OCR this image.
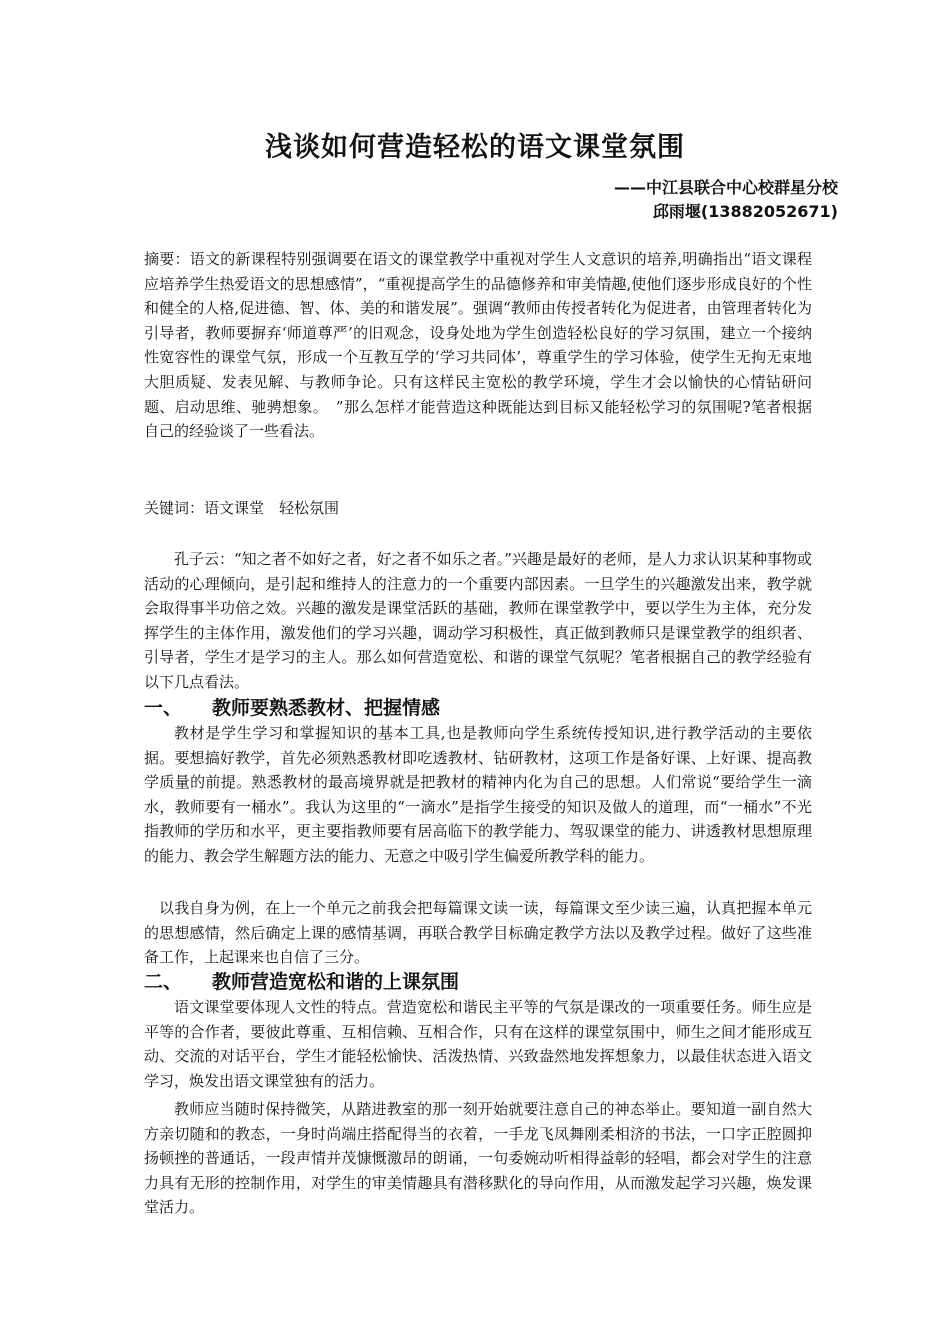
浅谈如何营造轻松的语文课堂氛围
——中江县联合中心校群星分校
邱雨堰(13882052671)
摘要：语文的新课程特别强调要在语文的课堂教学中重视对学生人文意识的培养,明确指出“语文课程应培养学生热爱语文的思想感情”，“重视提高学生的品德修养和审美情趣,使他们逐步形成良好的个性和健全的人格,促进德、智、体、美的和谐发展”。强调“教师由传授者转化为促进者，由管理者转化为引导者，教师要摒弃‘师道尊严’的旧观念，设身处地为学生创造轻松良好的学习氛围，建立一个接纳性宽容性的课堂气氛，形成一个互教互学的‘学习共同体’，尊重学生的学习体验，使学生无拘无束地大胆质疑、发表见解、与教师争论。只有这样民主宽松的教学环境，学生才会以愉快的心情钻研问题、启动思维、驰骋想象。　”那么怎样才能营造这种既能达到目标又能轻松学习的氛围呢?笔者根据自己的经验谈了一些看法。
关键词：语文课堂　轻松氛围
孔子云：“知之者不如好之者，好之者不如乐之者。”兴趣是最好的老师，是人力求认识某种事物或活动的心理倾向，是引起和维持人的注意力的一个重要内部因素。一旦学生的兴趣激发出来，教学就会取得事半功倍之效。兴趣的激发是课堂活跃的基础，教师在课堂教学中，要以学生为主体，充分发挥学生的主体作用，激发他们的学习兴趣，调动学习积极性，真正做到教师只是课堂教学的组织者、引导者，学生才是学习的主人。那么如何营造宽松、和谐的课堂气氛呢？笔者根据自己的教学经验有以下几点看法。
一、 教师要熟悉教材、把握情感
教材是学生学习和掌握知识的基本工具,也是教师向学生系统传授知识,进行教学活动的主要依据。要想搞好教学，首先必须熟悉教材即吃透教材、钻研教材，这项工作是备好课、上好课、提高教学质量的前提。熟悉教材的最高境界就是把教材的精神内化为自己的思想。人们常说“要给学生一滴水，教师要有一桶水”。我认为这里的“一滴水”是指学生接受的知识及做人的道理，而“一桶水”不光指教师的学历和水平，更主要指教师要有居高临下的教学能力、驾驭课堂的能力、讲透教材思想原理的能力、教会学生解题方法的能力、无意之中吸引学生偏爱所教学科的能力。
以我自身为例，在上一个单元之前我会把每篇课文读一读，每篇课文至少读三遍，认真把握本单元的思想感情，然后确定上课的感情基调，再联合教学目标确定教学方法以及教学过程。做好了这些准备工作，上起课来也自信了三分。
二、 教师营造宽松和谐的上课氛围
语文课堂要体现人文性的特点。营造宽松和谐民主平等的气氛是课改的一项重要任务。师生应是平等的合作者，要彼此尊重、互相信赖、互相合作，只有在这样的课堂氛围中，师生之间才能形成互动、交流的对话平台，学生才能轻松愉快、活泼热情、兴致盎然地发挥想象力，以最佳状态进入语文学习，焕发出语文课堂独有的活力。
教师应当随时保持微笑，从踏进教室的那一刻开始就要注意自己的神态举止。要知道一副自然大方亲切随和的教态，一身时尚端庄搭配得当的衣着，一手龙飞凤舞刚柔相济的书法，一口字正腔圆抑扬顿挫的普通话，一段声情并茂慷慨激昂的朗诵，一句委婉动听相得益彰的轻唱，都会对学生的注意力具有无形的控制作用，对学生的审美情趣具有潜移默化的导向作用，从而激发起学习兴趣，焕发课堂活力。
